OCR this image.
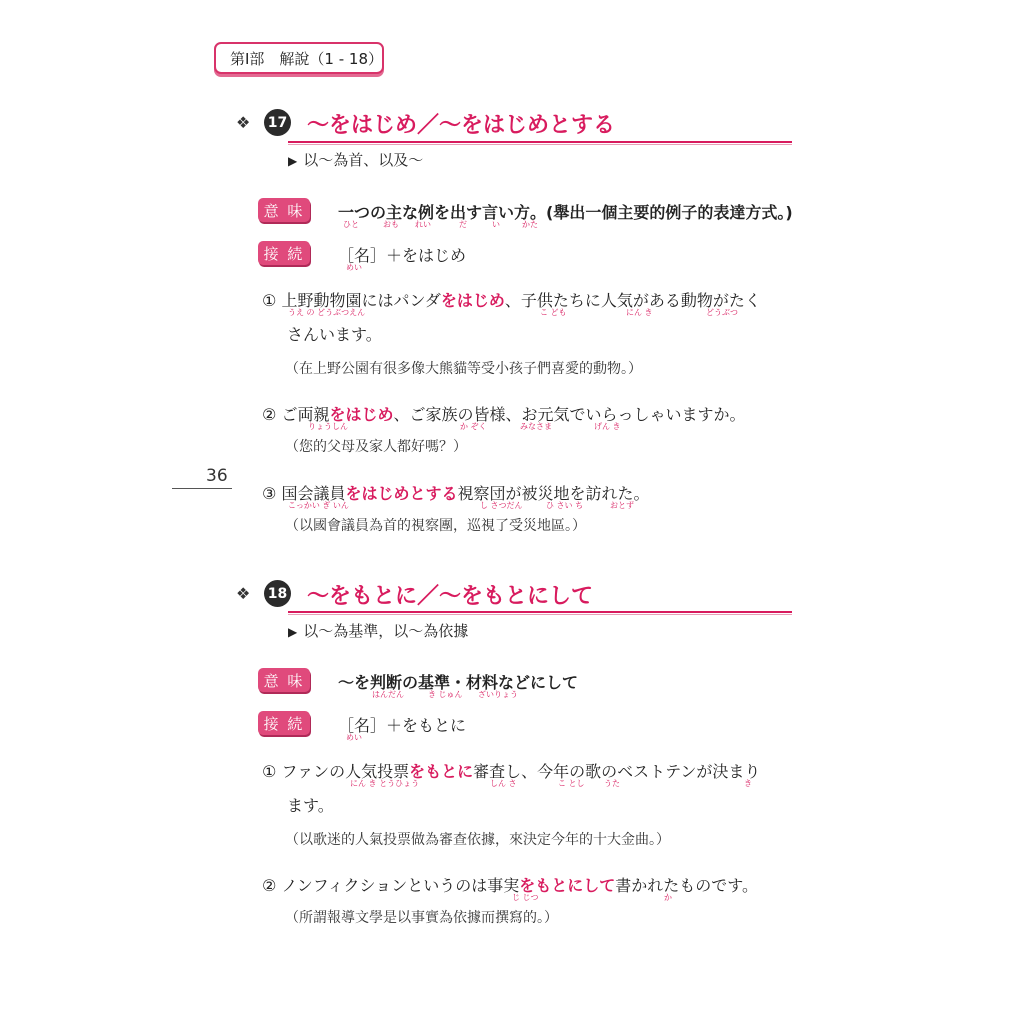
第Ⅰ部　解說（1 - 18）
36
❖ 17 ～をはじめ／～をはじめとする
▶ 以～為首、以及～
意 味	一つの主な例を出す言い方。(舉出一個主要的例子的表達方式。)
ひと	おも れい	だ	い	かた
接 続	［名］＋をはじめ
めい
① 上野動物園にはパンダをはじめ、子供たちに人気がある動物がたく
うえ の どうぶつえん	こ ども	にん き	どうぶつ
さんいます。
（在上野公園有很多像大熊貓等受小孩子們喜愛的動物。）
② ご両親をはじめ、ご家族の皆様、お元気でいらっしゃいますか。
りょうしん	か ぞく	みなさま	げん き
（您的父母及家人都好嗎？）
③ 国会議員をはじめとする視察団が被災地を訪れた。
こっかい ぎ いん	し さつだん	ひ さい ち	おとず
（以國會議員為首的視察團，巡視了受災地區。）
❖ 18 ～をもとに／～をもとにして
▶ 以～為基準，以～為依據
意 味	～を判断の基準・材料などにして
はんだん	き じゅん ざいりょう
接 続	［名］＋をもとに
めい
① ファンの人気投票をもとに審査し、今年の歌のベストテンが決まり
にん き とうひょう	しん さ	こ とし うた	き
ます。
（以歌迷的人氣投票做為審查依據，來決定今年的十大金曲。）
② ノンフィクションというのは事実をもとにして書かれたものです。
じ じつ	か
（所謂報導文學是以事實為依據而撰寫的。）
